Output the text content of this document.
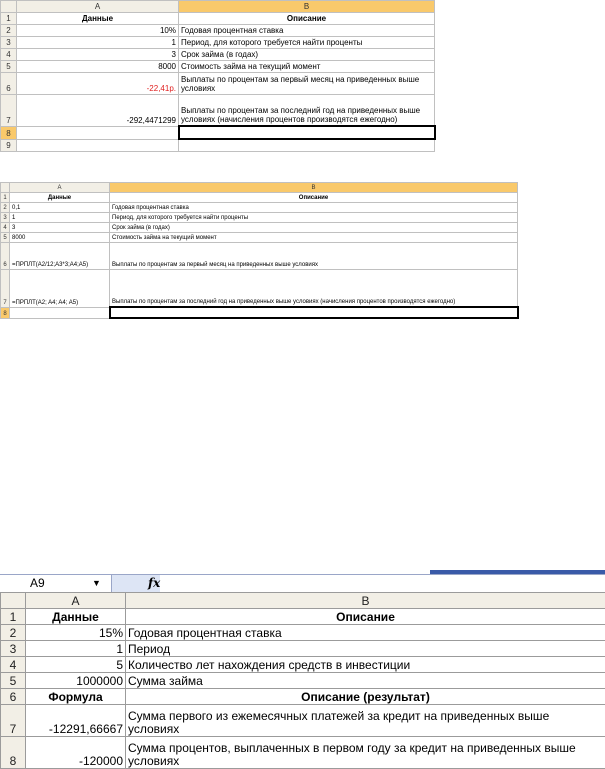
	A	B
1	Данные	Описание
2	10%	Годовая процентная ставка
3	1	Период, для которого требуется найти проценты
4	3	Срок займа (в годах)
5	8000	Стоимость займа на текущий момент
6	-22,41р.	Выплаты по процентам за первый месяц на приведенных выше условиях
7	-292,4471299	Выплаты по процентам за последний год на приведенных выше условиях (начисления процентов производятся ежегодно)
8		
9		
	A	B
1	Данные	Описание
2	0,1	Годовая процентная ставка
3	1	Период, для которого требуется найти проценты
4	3	Срок займа (в годах)
5	8000	Стоимость займа на текущий момент
6	=ПРПЛТ(A2/12;A3*3;A4;A5)	Выплаты по процентам за первый месяц на приведенных выше условиях
7	=ПРПЛТ(A2; A4; A4; A5)	Выплаты по процентам за последний год на приведенных выше условиях (начисления процентов производятся ежегодно)
8		
A9	▼	fx
	A	B
1	Данные	Описание
2	15%	Годовая процентная ставка
3	1	Период
4	5	Количество лет нахождения средств в инвестиции
5	1000000	Сумма займа
6	Формула	Описание (результат)
7	-12291,66667	Сумма первого из ежемесячных платежей за кредит на приведенных выше условиях
8	-120000	Сумма процентов, выплаченных в первом году за кредит на приведенных выше условиях
